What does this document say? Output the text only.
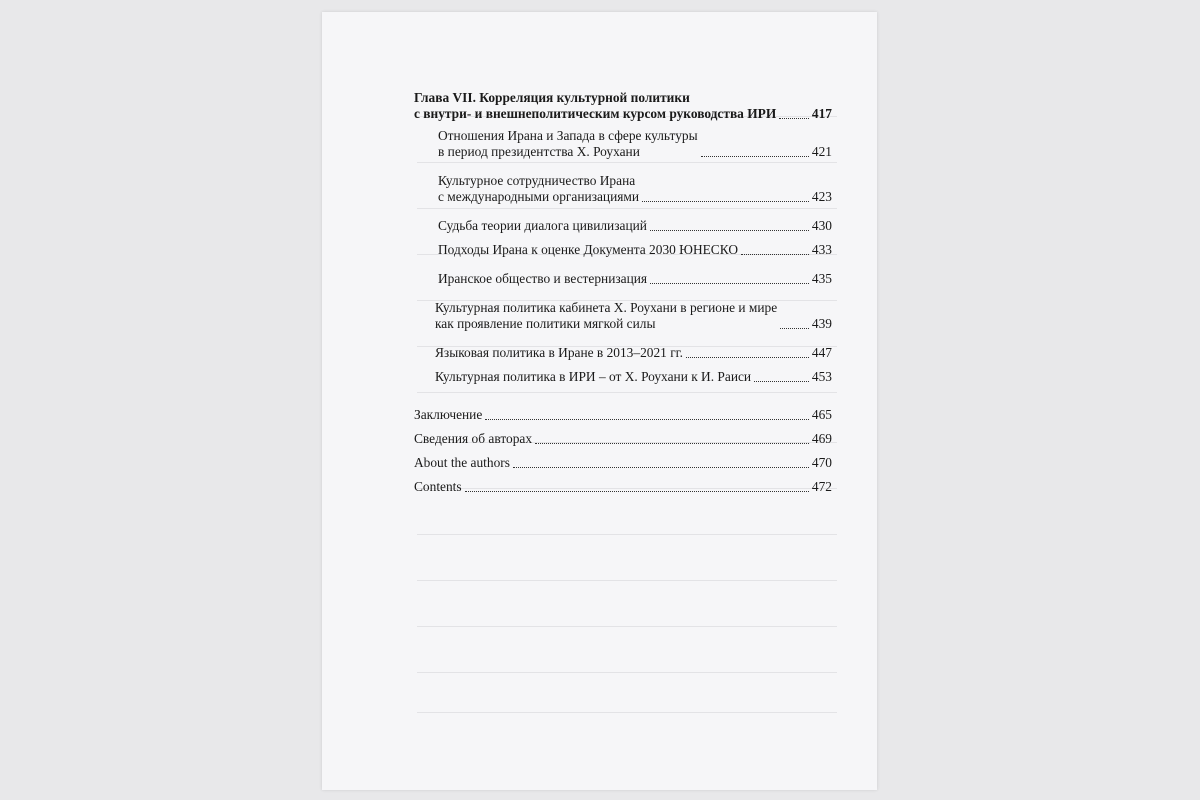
Глава VII. Корреляция культурной политики
с внутри- и внешнеполитическим курсом руководства ИРИ	417
Отношения Ирана и Запада в сфере культуры
в период президентства Х. Роухани	421
Культурное сотрудничество Ирана
с международными организациями	423
Судьба теории диалога цивилизаций	430
Подходы Ирана к оценке Документа 2030 ЮНЕСКО	433
Иранское общество и вестернизация	435
Культурная политика кабинета Х. Роухани в регионе и мире
как проявление политики мягкой силы	439
Языковая политика в Иране в 2013–2021 гг.	447
Культурная политика в ИРИ – от Х. Роухани к И. Раиси	453
Заключение	465
Сведения об авторах	469
About the authors	470
Contents	472
